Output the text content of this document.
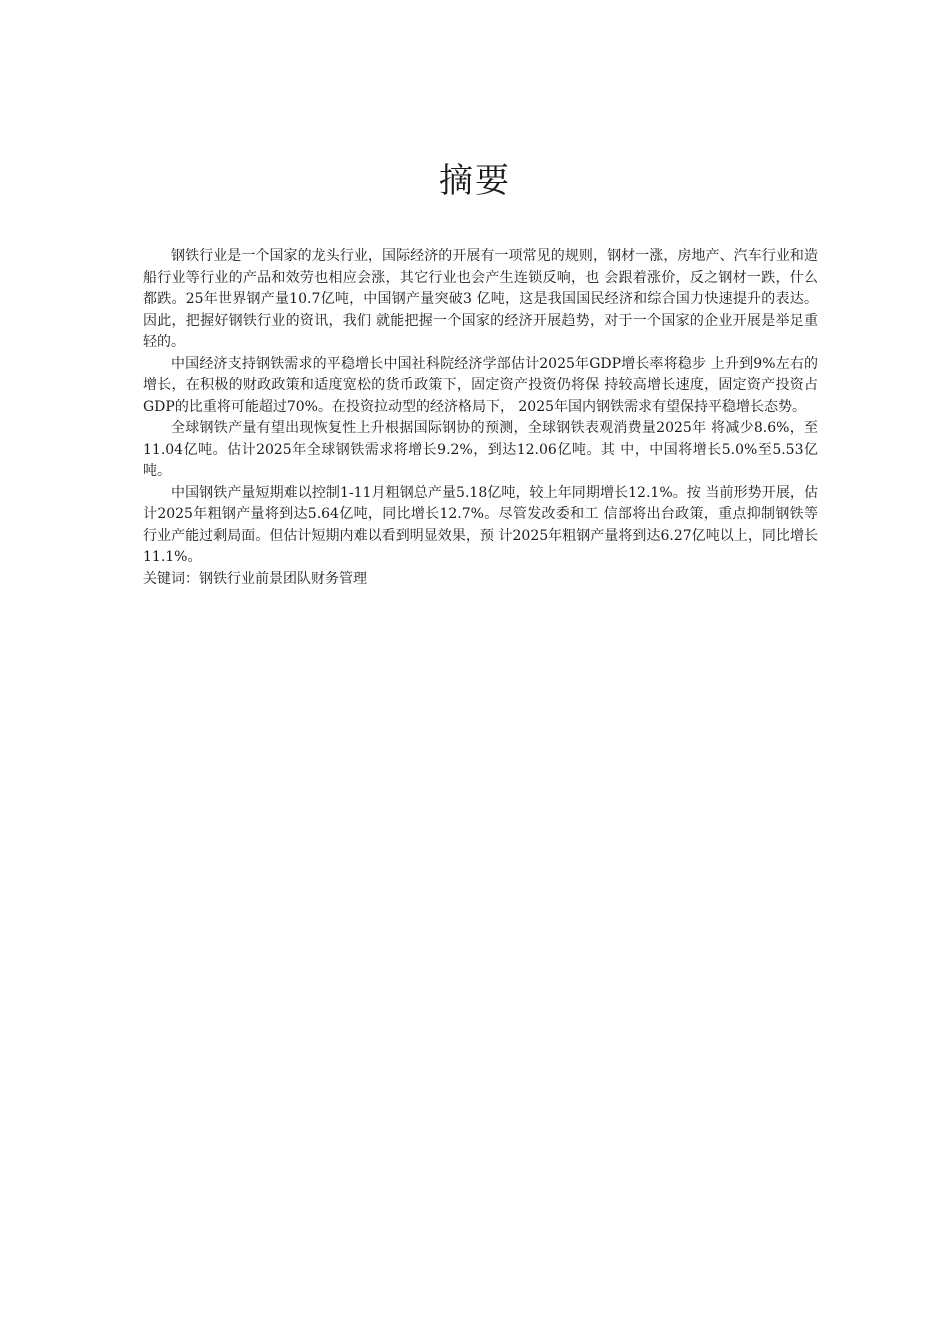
摘要

钢铁行业是一个国家的龙头行业，国际经济的开展有一项常见的规则，钢材一涨，房地产、汽车行业和造船行业等行业的产品和效劳也相应会涨，其它行业也会产生连锁反响，也 会跟着涨价，反之钢材一跌，什么都跌。25年世界钢产量10.7亿吨，中国钢产量突破3 亿吨，这是我国国民经济和综合国力快速提升的表达。因此，把握好钢铁行业的资讯，我们 就能把握一个国家的经济开展趋势，对于一个国家的企业开展是举足重轻的。

中国经济支持钢铁需求的平稳增长中国社科院经济学部估计2025年GDP增长率将稳步 上升到9%左右的增长，在积极的财政政策和适度宽松的货币政策下，固定资产投资仍将保 持较高增长速度，固定资产投资占GDP的比重将可能超过70%。在投资拉动型的经济格局下， 2025年国内钢铁需求有望保持平稳增长态势。

全球钢铁产量有望出现恢复性上升根据国际钢协的预测，全球钢铁表观消费量2025年 将减少8.6%，至11.04亿吨。估计2025年全球钢铁需求将增长9.2%，到达12.06亿吨。其 中，中国将增长5.0%至5.53亿吨。

中国钢铁产量短期难以控制1-11月粗钢总产量5.18亿吨，较上年同期增长12.1%。按 当前形势开展，估计2025年粗钢产量将到达5.64亿吨，同比增长12.7%。尽管发改委和工 信部将出台政策，重点抑制钢铁等行业产能过剩局面。但估计短期内难以看到明显效果，预 计2025年粗钢产量将到达6.27亿吨以上，同比增长11.1%。

关键词：钢铁行业前景团队财务管理
